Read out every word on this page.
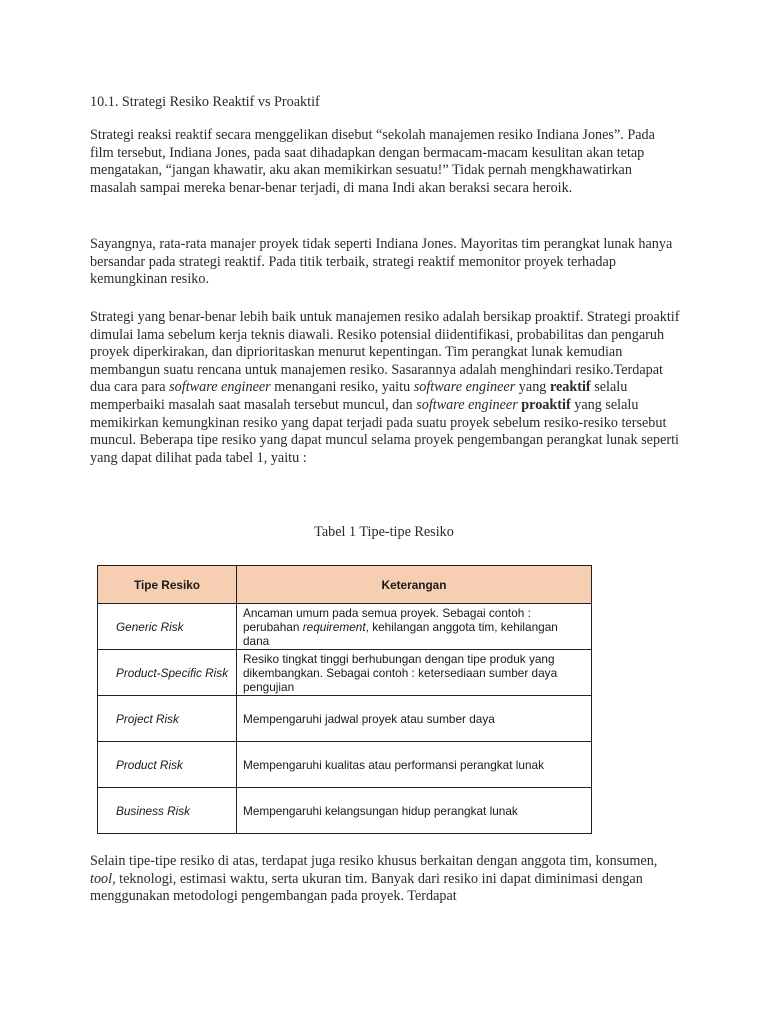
10.1. Strategi Resiko Reaktif vs Proaktif

Strategi reaksi reaktif secara menggelikan disebut “sekolah manajemen resiko Indiana Jones”. Pada film tersebut, Indiana Jones, pada saat dihadapkan dengan bermacam-macam kesulitan akan tetap mengatakan, “jangan khawatir, aku akan memikirkan sesuatu!” Tidak pernah mengkhawatirkan masalah sampai mereka benar-benar terjadi, di mana Indi akan beraksi secara heroik.

Sayangnya, rata-rata manajer proyek tidak seperti Indiana Jones. Mayoritas tim perangkat lunak hanya bersandar pada strategi reaktif. Pada titik terbaik, strategi reaktif memonitor proyek terhadap kemungkinan resiko.

Strategi yang benar-benar lebih baik untuk manajemen resiko adalah bersikap proaktif. Strategi proaktif dimulai lama sebelum kerja teknis diawali. Resiko potensial diidentifikasi, probabilitas dan pengaruh proyek diperkirakan, dan diprioritaskan menurut kepentingan. Tim perangkat lunak kemudian membangun suatu rencana untuk manajemen resiko. Sasarannya adalah menghindari resiko.Terdapat dua cara para software engineer menangani resiko, yaitu software engineer yang reaktif selalu memperbaiki masalah saat masalah tersebut muncul, dan software engineer proaktif yang selalu memikirkan kemungkinan resiko yang dapat terjadi pada suatu proyek sebelum resiko-resiko tersebut muncul. Beberapa tipe resiko yang dapat muncul selama proyek pengembangan perangkat lunak seperti yang dapat dilihat pada tabel 1, yaitu :

Tabel 1 Tipe-tipe Resiko

Tipe Resiko	Keterangan
Generic Risk	Ancaman umum pada semua proyek. Sebagai contoh : perubahan requirement, kehilangan anggota tim, kehilangan dana
Product-Specific Risk	Resiko tingkat tinggi berhubungan dengan tipe produk yang dikembangkan. Sebagai contoh : ketersediaan sumber daya pengujian
Project Risk	Mempengaruhi jadwal proyek atau sumber daya
Product Risk	Mempengaruhi kualitas atau performansi perangkat lunak
Business Risk	Mempengaruhi kelangsungan hidup perangkat lunak

Selain tipe-tipe resiko di atas, terdapat juga resiko khusus berkaitan dengan anggota tim, konsumen, tool, teknologi, estimasi waktu, serta ukuran tim. Banyak dari resiko ini dapat diminimasi dengan menggunakan metodologi pengembangan pada proyek. Terdapat
